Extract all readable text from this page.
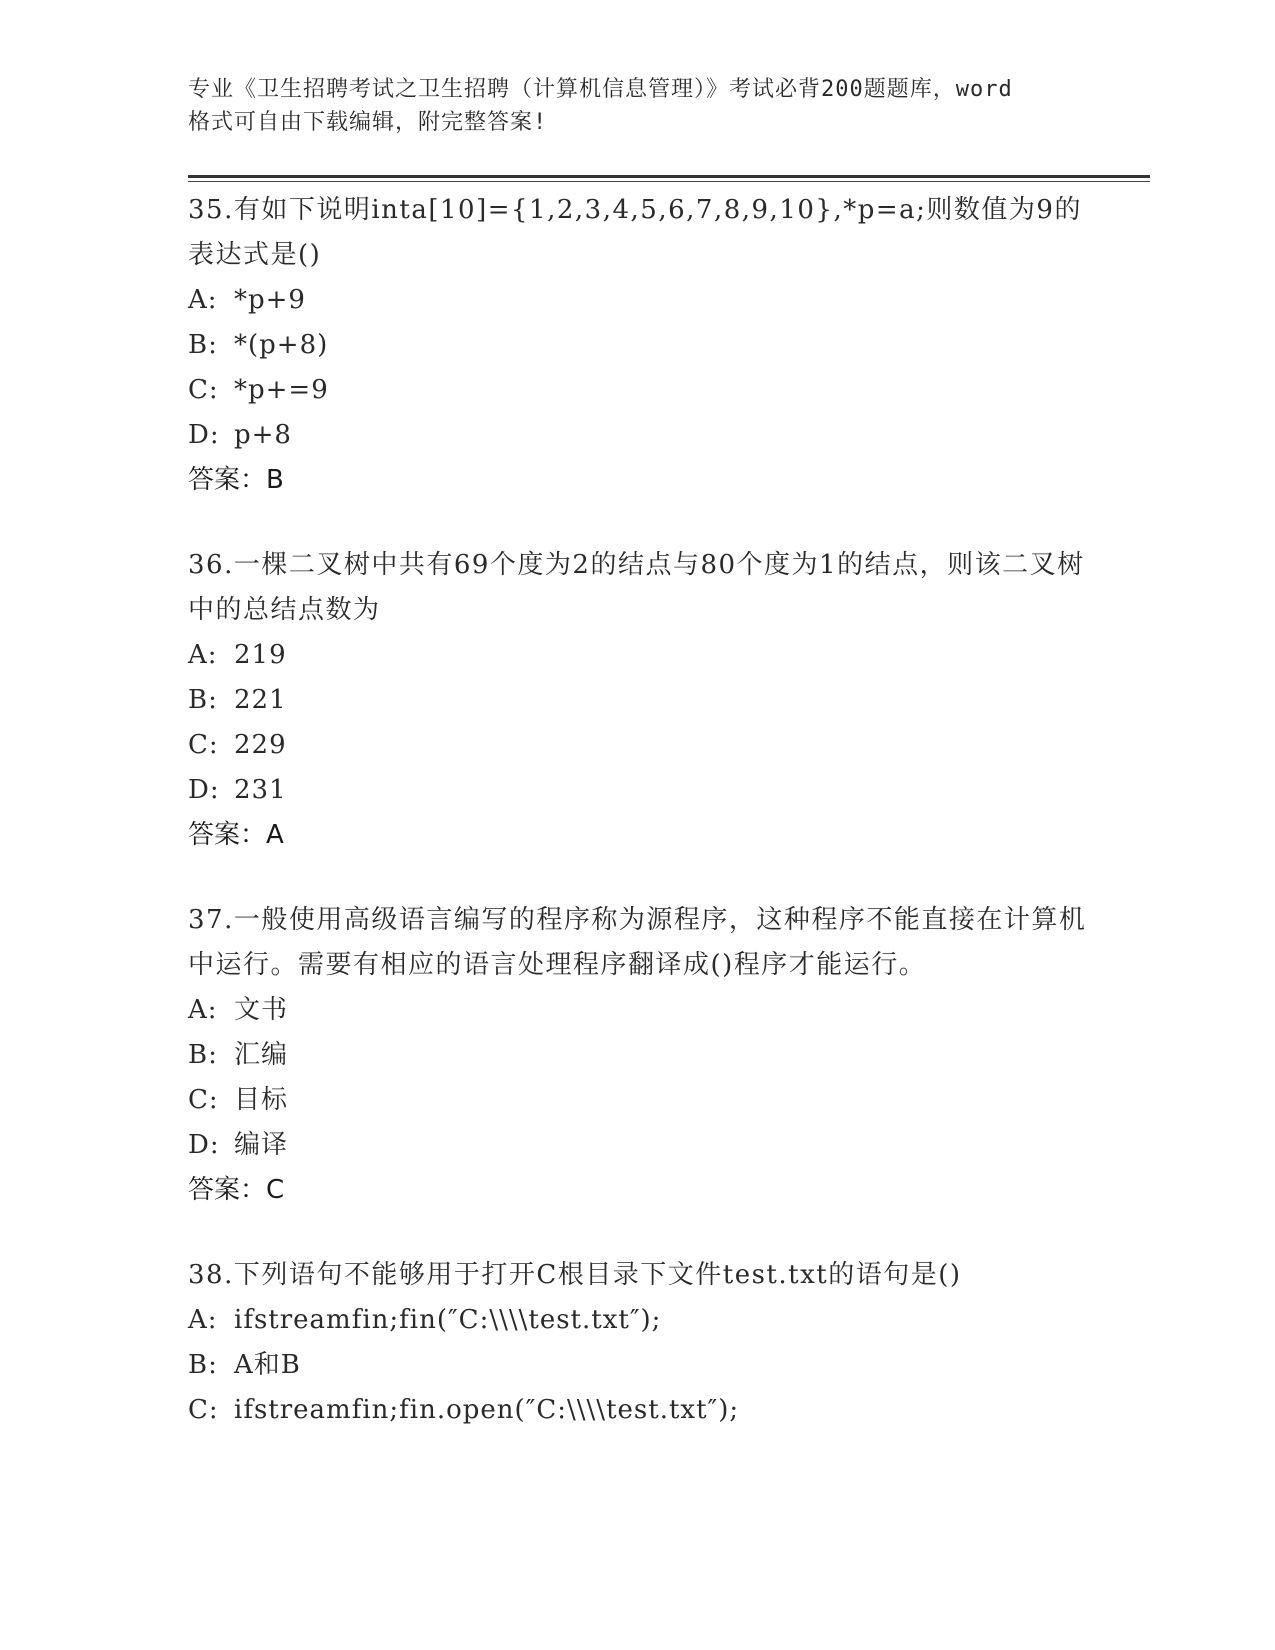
专业《卫生招聘考试之卫生招聘（计算机信息管理）》考试必背200题题库，word

格式可自由下载编辑，附完整答案!

35.有如下说明inta[10]={1,2,3,4,5,6,7,8,9,10},*p=a;则数值为9的表达式是()

A: *p+9

B: *(p+8)

C: *p+=9

D: p+8

答案：B

36.一棵二叉树中共有69个度为2的结点与80个度为1的结点，则该二叉树中的总结点数为

A: 219

B: 221

C: 229

D: 231

答案：A

37.一般使用高级语言编写的程序称为源程序，这种程序不能直接在计算机中运行。需要有相应的语言处理程序翻译成()程序才能运行。

A: 文书

B: 汇编

C: 目标

D: 编译

答案：C

38.下列语句不能够用于打开C根目录下文件test.txt的语句是()

A: ifstreamfin;fin(″C:\\\\test.txt″);

B: A和B

C: ifstreamfin;fin.open(″C:\\\\test.txt″);
